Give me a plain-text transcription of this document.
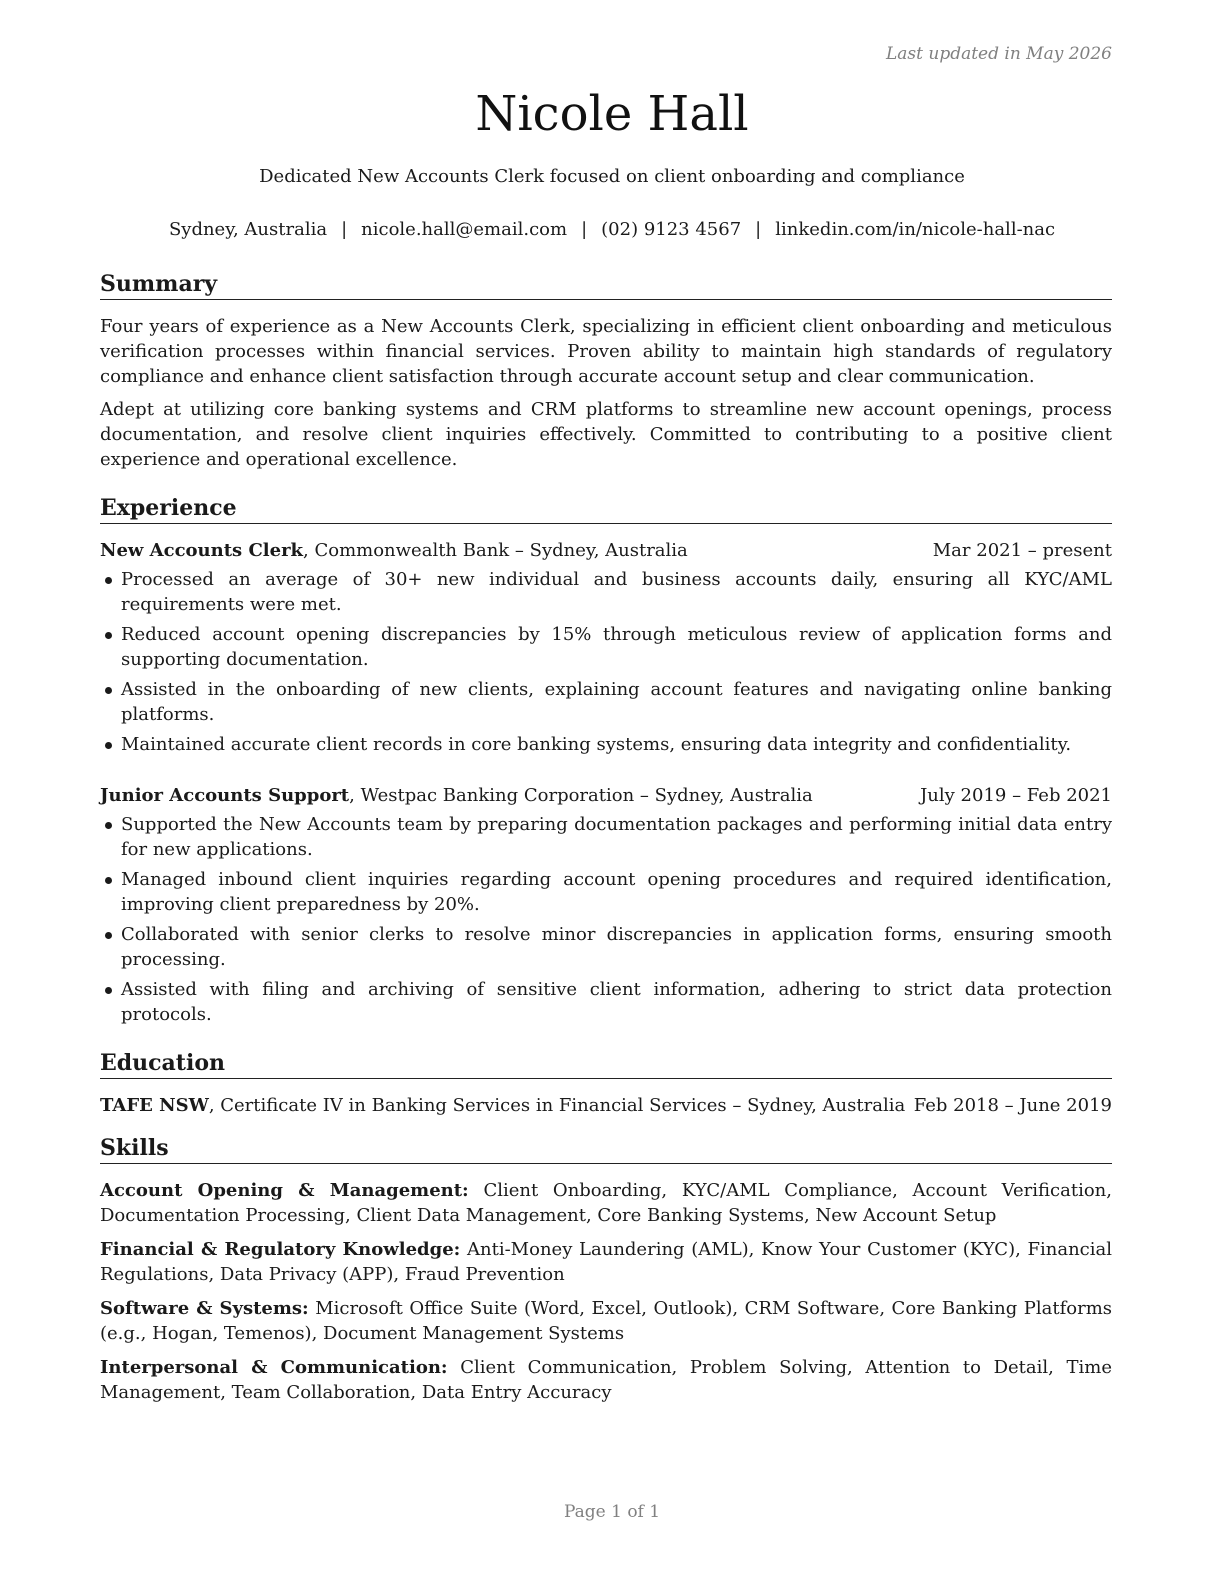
Last updated in May 2026
Nicole Hall
Dedicated New Accounts Clerk focused on client onboarding and compliance
Sydney, Australia | nicole.hall@email.com | (02) 9123 4567 | linkedin.com/in/nicole-hall-nac
Summary

Four years of experience as a New Accounts Clerk, specializing in efficient client onboarding and meticulous verification processes within financial services. Proven ability to maintain high standards of regulatory compliance and enhance client satisfaction through accurate account setup and clear communication.

Adept at utilizing core banking systems and CRM platforms to streamline new account openings, process documentation, and resolve client inquiries effectively. Committed to contributing to a positive client experience and operational excellence.

Experience
New Accounts Clerk, Commonwealth Bank – Sydney, Australia	Mar 2021 – present
Processed an average of 30+ new individual and business accounts daily, ensuring all KYC/AML requirements were met.
Reduced account opening discrepancies by 15% through meticulous review of application forms and supporting documentation.
Assisted in the onboarding of new clients, explaining account features and navigating online banking platforms.
Maintained accurate client records in core banking systems, ensuring data integrity and confidentiality.
Junior Accounts Support, Westpac Banking Corporation – Sydney, Australia	July 2019 – Feb 2021
Supported the New Accounts team by preparing documentation packages and performing initial data entry for new applications.
Managed inbound client inquiries regarding account opening procedures and required identification, improving client preparedness by 20%.
Collaborated with senior clerks to resolve minor discrepancies in application forms, ensuring smooth processing.
Assisted with filing and archiving of sensitive client information, adhering to strict data protection protocols.
Education
TAFE NSW, Certificate IV in Banking Services in Financial Services – Sydney, Australia Feb 2018 – June 2019
Skills
Account Opening & Management: Client Onboarding, KYC/AML Compliance, Account Verification, Documentation Processing, Client Data Management, Core Banking Systems, New Account Setup
Financial & Regulatory Knowledge: Anti-Money Laundering (AML), Know Your Customer (KYC), Financial Regulations, Data Privacy (APP), Fraud Prevention
Software & Systems: Microsoft Office Suite (Word, Excel, Outlook), CRM Software, Core Banking Platforms (e.g., Hogan, Temenos), Document Management Systems
Interpersonal & Communication: Client Communication, Problem Solving, Attention to Detail, Time Management, Team Collaboration, Data Entry Accuracy
Page 1 of 1
